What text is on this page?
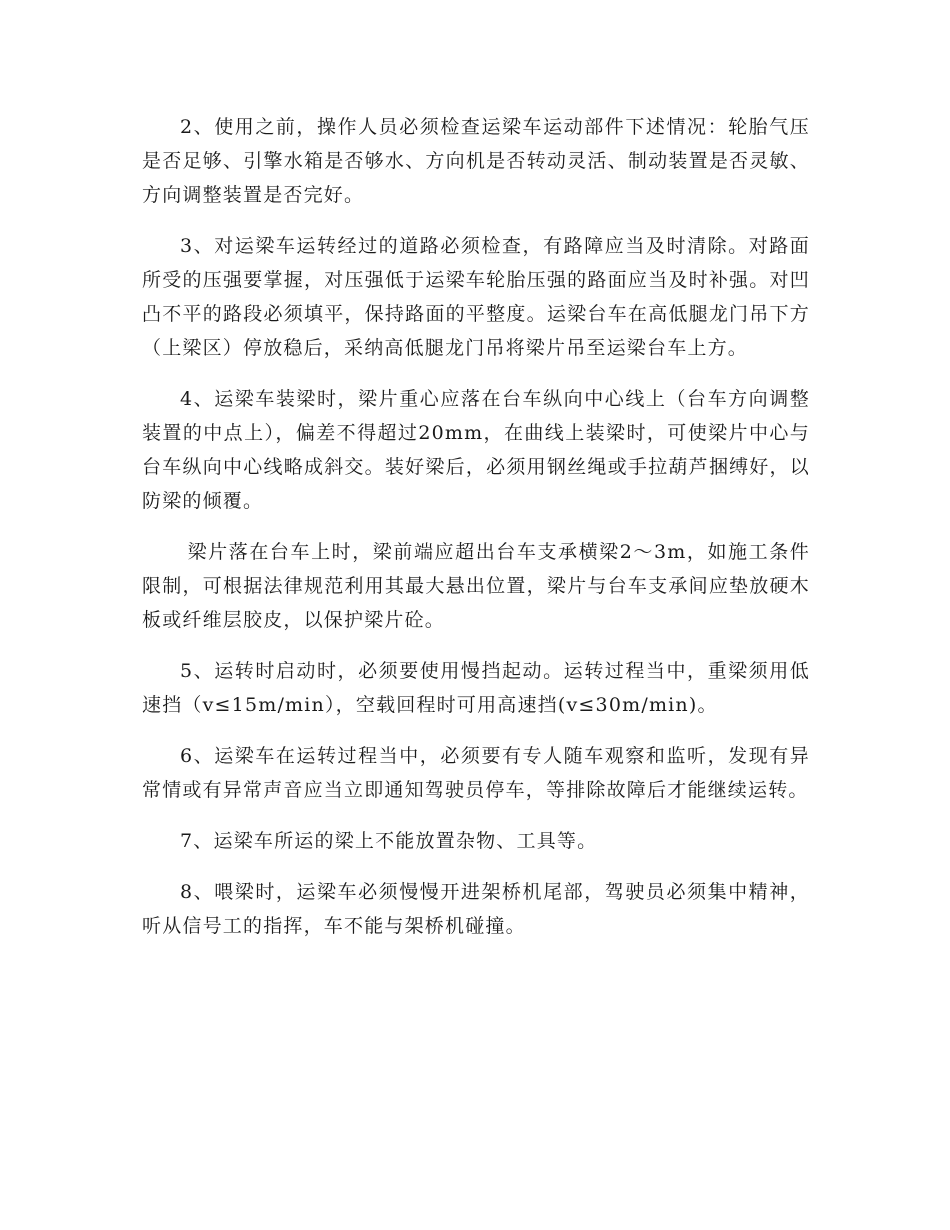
2、使用之前，操作人员必须检查运梁车运动部件下述情况：轮胎气压是否足够、引擎水箱是否够水、方向机是否转动灵活、制动装置是否灵敏、方向调整装置是否完好。

3、对运梁车运转经过的道路必须检查，有路障应当及时清除。对路面所受的压强要掌握，对压强低于运梁车轮胎压强的路面应当及时补强。对凹凸不平的路段必须填平，保持路面的平整度。运梁台车在高低腿龙门吊下方（上梁区）停放稳后，采纳高低腿龙门吊将梁片吊至运梁台车上方。

4、运梁车装梁时，梁片重心应落在台车纵向中心线上（台车方向调整装置的中点上），偏差不得超过20mm，在曲线上装梁时，可使梁片中心与台车纵向中心线略成斜交。装好梁后，必须用钢丝绳或手拉葫芦捆缚好，以防梁的倾覆。

梁片落在台车上时，梁前端应超出台车支承横梁2～3m，如施工条件限制，可根据法律规范利用其最大悬出位置，梁片与台车支承间应垫放硬木板或纤维层胶皮，以保护梁片砼。

5、运转时启动时，必须要使用慢挡起动。运转过程当中，重梁须用低速挡（v≤15m/min），空载回程时可用高速挡(v≤30m/min)。

6、运梁车在运转过程当中，必须要有专人随车观察和监听，发现有异常情或有异常声音应当立即通知驾驶员停车，等排除故障后才能继续运转。

7、运梁车所运的梁上不能放置杂物、工具等。

8、喂梁时，运梁车必须慢慢开进架桥机尾部，驾驶员必须集中精神，听从信号工的指挥，车不能与架桥机碰撞。
